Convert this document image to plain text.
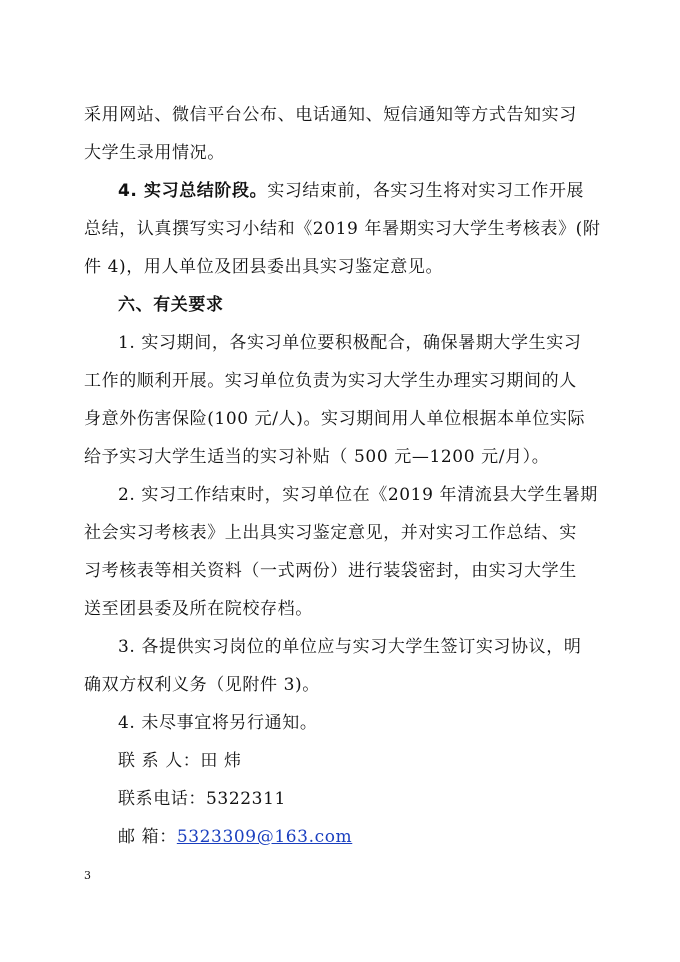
采用网站、微信平台公布、电话通知、短信通知等方式告知实习
大学生录用情况。
4. 实习总结阶段。实习结束前，各实习生将对实习工作开展
总结，认真撰写实习小结和《2019 年暑期实习大学生考核表》(附
件 4)，用人单位及团县委出具实习鉴定意见。
六、有关要求
1. 实习期间，各实习单位要积极配合，确保暑期大学生实习
工作的顺利开展。实习单位负责为实习大学生办理实习期间的人
身意外伤害保险(100 元/人)。实习期间用人单位根据本单位实际
给予实习大学生适当的实习补贴（ 500 元—1200 元/月）。
2. 实习工作结束时，实习单位在《2019 年清流县大学生暑期
社会实习考核表》上出具实习鉴定意见，并对实习工作总结、实
习考核表等相关资料（一式两份）进行装袋密封，由实习大学生
送至团县委及所在院校存档。
3. 各提供实习岗位的单位应与实习大学生签订实习协议，明
确双方权利义务（见附件 3)。
4. 未尽事宜将另行通知。
联 系 人：田 炜
联系电话：5322311
邮 箱：5323309@163.com
3
